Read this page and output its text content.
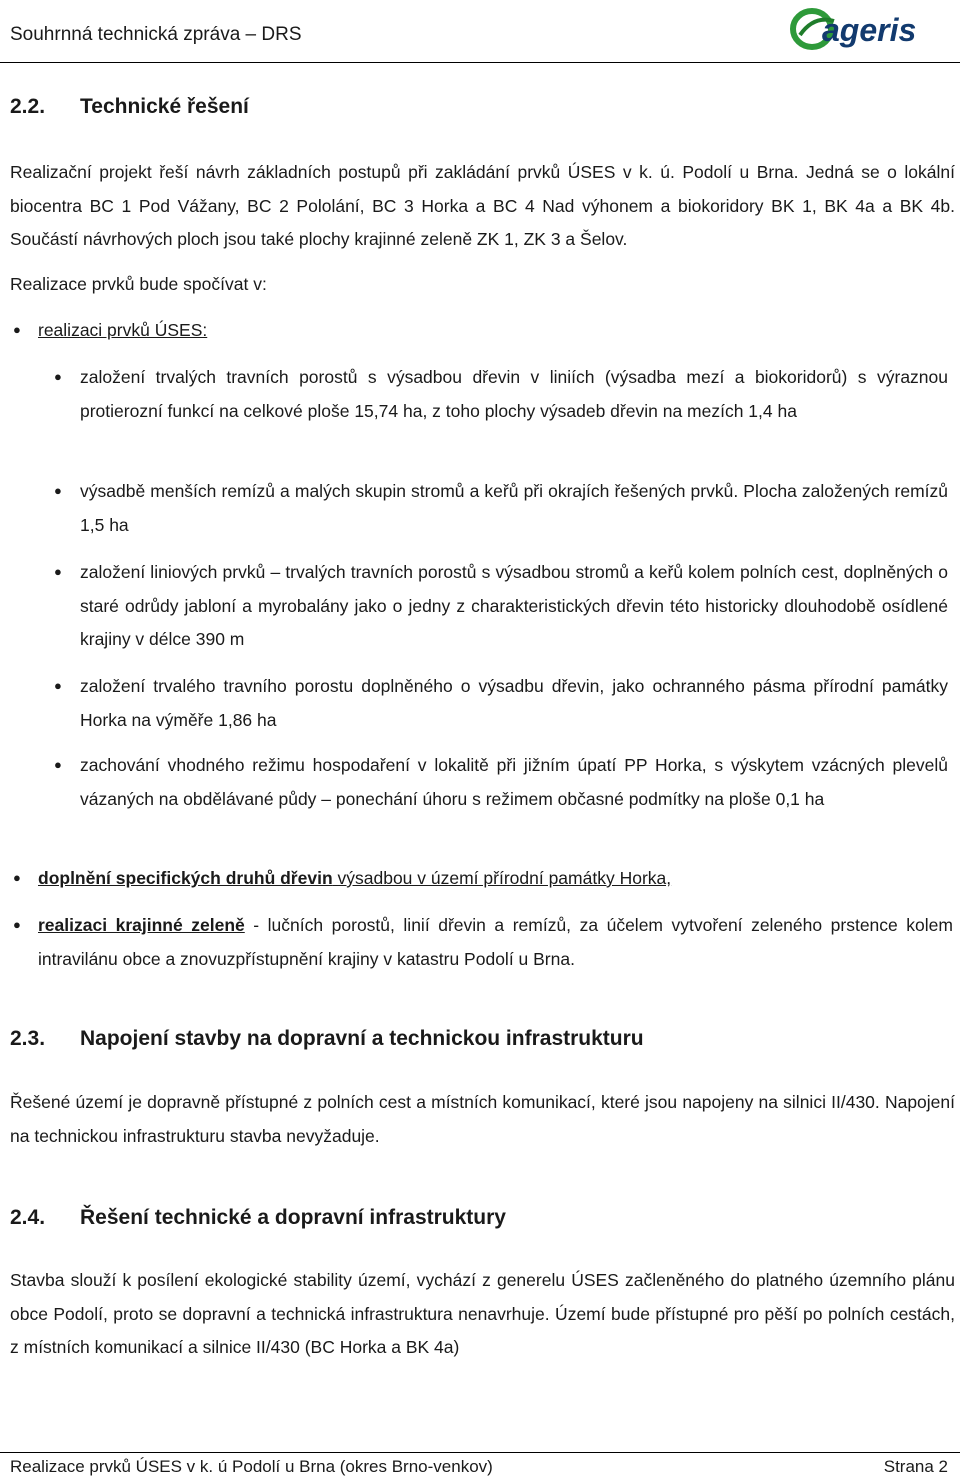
Souhrnná technická zpráva – DRS	ageris
2.2. Technické řešení
Realizační projekt řeší návrh základních postupů při zakládání prvků ÚSES v k. ú. Podolí u Brna. Jedná se o lokální biocentra BC 1 Pod Vážany, BC 2 Pololání, BC 3 Horka a BC 4 Nad výhonem a biokoridory BK 1, BK 4a a BK 4b. Součástí návrhových ploch jsou také plochy krajinné zeleně ZK 1, ZK 3 a Šelov.
Realizace prvků bude spočívat v:
● realizaci prvků ÚSES:
● založení trvalých travních porostů s výsadbou dřevin v liniích (výsadba mezí a biokoridorů) s výraznou protierozní funkcí na celkové ploše 15,74 ha, z toho plochy výsadeb dřevin na mezích 1,4 ha
● výsadbě menších remízů a malých skupin stromů a keřů při okrajích řešených prvků. Plocha založených remízů 1,5 ha
● založení liniových prvků – trvalých travních porostů s výsadbou stromů a keřů kolem polních cest, doplněných o staré odrůdy jabloní a myrobalány jako o jedny z charakteristických dřevin této historicky dlouhodobě osídlené krajiny v délce 390 m
● založení trvalého travního porostu doplněného o výsadbu dřevin, jako ochranného pásma přírodní památky Horka na výměře 1,86 ha
● zachování vhodného režimu hospodaření v lokalitě při jižním úpatí PP Horka, s výskytem vzácných plevelů vázaných na obdělávané půdy – ponechání úhoru s režimem občasné podmítky na ploše 0,1 ha
● doplnění specifických druhů dřevin výsadbou v území přírodní památky Horka,
● realizaci krajinné zeleně - lučních porostů, linií dřevin a remízů, za účelem vytvoření zeleného prstence kolem intravilánu obce a znovuzpřístupnění krajiny v katastru Podolí u Brna.
2.3. Napojení stavby na dopravní a technickou infrastrukturu
Řešené území je dopravně přístupné z polních cest a místních komunikací, které jsou napojeny na silnici II/430. Napojení na technickou infrastrukturu stavba nevyžaduje.
2.4. Řešení technické a dopravní infrastruktury
Stavba slouží k posílení ekologické stability území, vychází z generelu ÚSES začleněného do platného územního plánu obce Podolí, proto se dopravní a technická infrastruktura nenavrhuje. Území bude přístupné pro pěší po polních cestách, z místních komunikací a silnice II/430 (BC Horka a BK 4a)
Realizace prvků ÚSES v k. ú Podolí u Brna (okres Brno-venkov)	Strana 2
